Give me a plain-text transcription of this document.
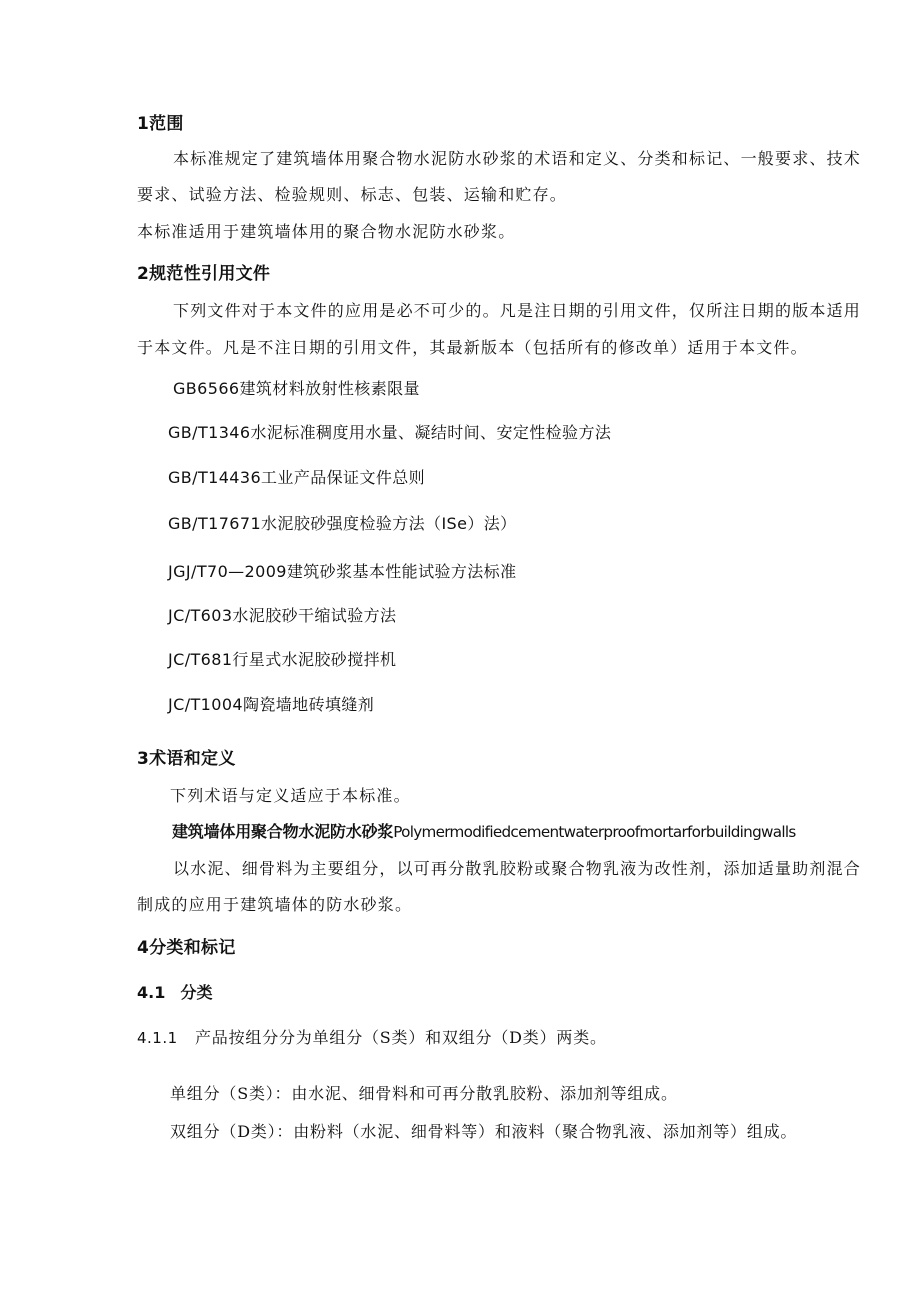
1范围
本标准规定了建筑墙体用聚合物水泥防水砂浆的术语和定义、分类和标记、一般要求、技术
要求、试验方法、检验规则、标志、包装、运输和贮存。
本标准适用于建筑墙体用的聚合物水泥防水砂浆。
2规范性引用文件
下列文件对于本文件的应用是必不可少的。凡是注日期的引用文件，仅所注日期的版本适用
于本文件。凡是不注日期的引用文件，其最新版本（包括所有的修改单）适用于本文件。
GB6566建筑材料放射性核素限量
GB/T1346水泥标准稠度用水量、凝结时间、安定性检验方法
GB/T14436工业产品保证文件总则
GB/T17671水泥胶砂强度检验方法（ISe）法）
JGJ/T70—2009建筑砂浆基本性能试验方法标准
JC/T603水泥胶砂干缩试验方法
JC/T681行星式水泥胶砂搅拌机
JC/T1004陶瓷墙地砖填缝剂
3术语和定义
下列术语与定义适应于本标准。
建筑墙体用聚合物水泥防水砂浆Polymermodifiedcementwaterproofmortarforbuildingwalls
以水泥、细骨料为主要组分，以可再分散乳胶粉或聚合物乳液为改性剂，添加适量助剂混合
制成的应用于建筑墙体的防水砂浆。
4分类和标记
4.1 分类
4.1.1 产品按组分分为单组分（S类）和双组分（D类）两类。
单组分（S类）：由水泥、细骨料和可再分散乳胶粉、添加剂等组成。
双组分（D类）：由粉料（水泥、细骨料等）和液料（聚合物乳液、添加剂等）组成。
